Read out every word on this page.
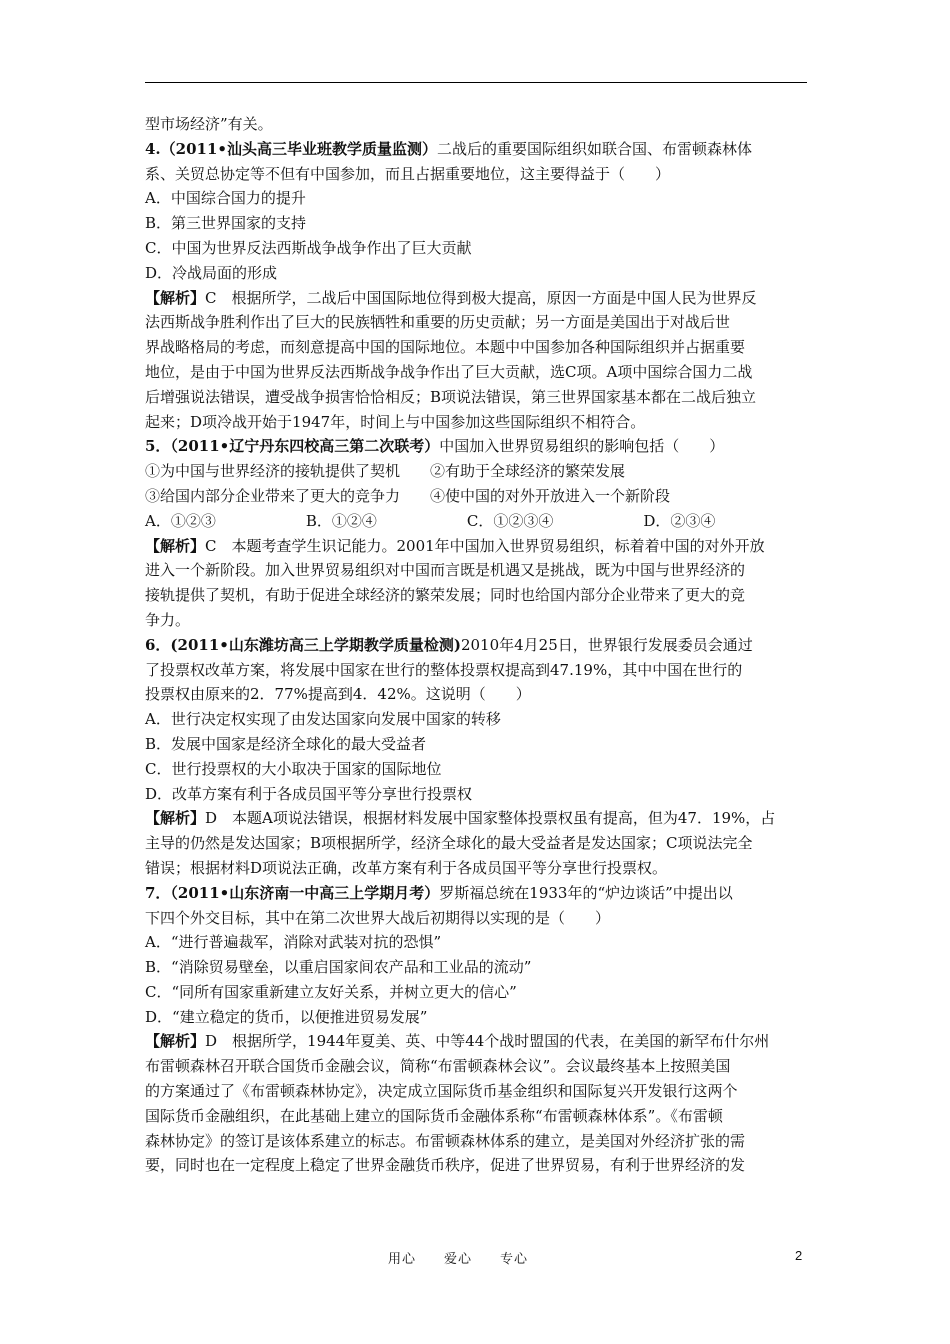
型市场经济”有关。
4.（2011•汕头高三毕业班教学质量监测）二战后的重要国际组织如联合国、布雷顿森林体
系、关贸总协定等不但有中国参加，而且占据重要地位，这主要得益于（　　）
A．中国综合国力的提升
B．第三世界国家的支持
C．中国为世界反法西斯战争战争作出了巨大贡献
D．冷战局面的形成
【解析】C　根据所学，二战后中国国际地位得到极大提高，原因一方面是中国人民为世界反
法西斯战争胜利作出了巨大的民族牺牲和重要的历史贡献；另一方面是美国出于对战后世
界战略格局的考虑，而刻意提高中国的国际地位。本题中中国参加各种国际组织并占据重要
地位，是由于中国为世界反法西斯战争战争作出了巨大贡献，选C项。A项中国综合国力二战
后增强说法错误，遭受战争损害恰恰相反；B项说法错误，第三世界国家基本都在二战后独立
起来；D项冷战开始于1947年，时间上与中国参加这些国际组织不相符合。
5．（2011•辽宁丹东四校高三第二次联考）中国加入世界贸易组织的影响包括（　　）
①为中国与世界经济的接轨提供了契机　　②有助于全球经济的繁荣发展
③给国内部分企业带来了更大的竞争力　　④使中国的对外开放进入一个新阶段
A．①②③　　　　　　B．①②④　　　　　　C．①②③④　　　　　　D．②③④
【解析】C　本题考查学生识记能力。2001年中国加入世界贸易组织，标着着中国的对外开放
进入一个新阶段。加入世界贸易组织对中国而言既是机遇又是挑战，既为中国与世界经济的
接轨提供了契机，有助于促进全球经济的繁荣发展；同时也给国内部分企业带来了更大的竞
争力。
6．(2011•山东潍坊高三上学期教学质量检测)2010年4月25日，世界银行发展委员会通过
了投票权改革方案，将发展中国家在世行的整体投票权提高到47.19%，其中中国在世行的
投票权由原来的2．77%提高到4．42%。这说明（　　）
A．世行决定权实现了由发达国家向发展中国家的转移
B．发展中国家是经济全球化的最大受益者
C．世行投票权的大小取决于国家的国际地位
D．改革方案有利于各成员国平等分享世行投票权
【解析】D　本题A项说法错误，根据材料发展中国家整体投票权虽有提高，但为47．19%，占
主导的仍然是发达国家；B项根据所学，经济全球化的最大受益者是发达国家；C项说法完全
错误；根据材料D项说法正确，改革方案有利于各成员国平等分享世行投票权。
7．（2011•山东济南一中高三上学期月考）罗斯福总统在1933年的“炉边谈话”中提出以
下四个外交目标，其中在第二次世界大战后初期得以实现的是（　　）
A．“进行普遍裁军，消除对武装对抗的恐惧”
B．“消除贸易壁垒，以重启国家间农产品和工业品的流动”
C．“同所有国家重新建立友好关系，并树立更大的信心”
D．“建立稳定的货币，以便推进贸易发展”
【解析】D　根据所学，1944年夏美、英、中等44个战时盟国的代表，在美国的新罕布什尔州
布雷顿森林召开联合国货币金融会议，简称“布雷顿森林会议”。会议最终基本上按照美国
的方案通过了《布雷顿森林协定》，决定成立国际货币基金组织和国际复兴开发银行这两个
国际货币金融组织，在此基础上建立的国际货币金融体系称“布雷顿森林体系”。《布雷顿
森林协定》的签订是该体系建立的标志。布雷顿森林体系的建立，是美国对外经济扩张的需
要，同时也在一定程度上稳定了世界金融货币秩序，促进了世界贸易，有利于世界经济的发
用心　　爱心　　专心	2
